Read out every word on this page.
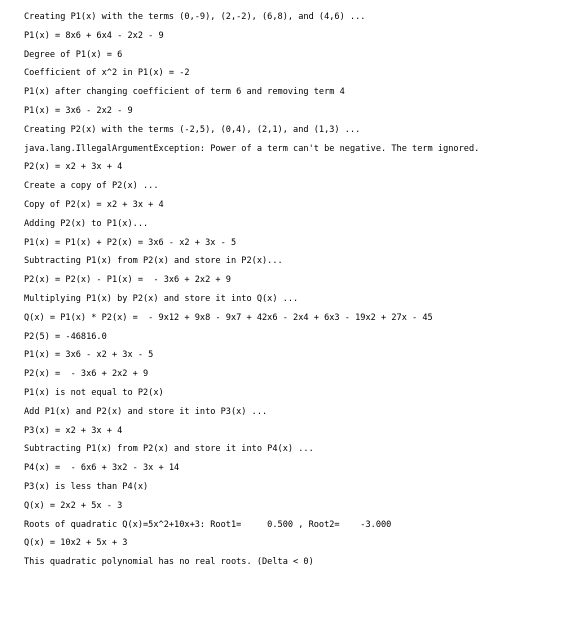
Creating P1(x) with the terms (0,-9), (2,-2), (6,8), and (4,6) ...
P1(x) = 8x6 + 6x4 - 2x2 - 9
Degree of P1(x) = 6
Coefficient of x^2 in P1(x) = -2
P1(x) after changing coefficient of term 6 and removing term 4
P1(x) = 3x6 - 2x2 - 9
Creating P2(x) with the terms (-2,5), (0,4), (2,1), and (1,3) ...
java.lang.IllegalArgumentException: Power of a term can't be negative. The term ignored.
P2(x) = x2 + 3x + 4
Create a copy of P2(x) ...
Copy of P2(x) = x2 + 3x + 4
Adding P2(x) to P1(x)...
P1(x) = P1(x) + P2(x) = 3x6 - x2 + 3x - 5
Subtracting P1(x) from P2(x) and store in P2(x)...
P2(x) = P2(x) - P1(x) =  - 3x6 + 2x2 + 9
Multiplying P1(x) by P2(x) and store it into Q(x) ...
Q(x) = P1(x) * P2(x) =  - 9x12 + 9x8 - 9x7 + 42x6 - 2x4 + 6x3 - 19x2 + 27x - 45
P2(5) = -46816.0
P1(x) = 3x6 - x2 + 3x - 5
P2(x) =  - 3x6 + 2x2 + 9
P1(x) is not equal to P2(x)
Add P1(x) and P2(x) and store it into P3(x) ...
P3(x) = x2 + 3x + 4
Subtracting P1(x) from P2(x) and store it into P4(x) ...
P4(x) =  - 6x6 + 3x2 - 3x + 14
P3(x) is less than P4(x)
Q(x) = 2x2 + 5x - 3
Roots of quadratic Q(x)=5x^2+10x+3: Root1=     0.500 , Root2=    -3.000
Q(x) = 10x2 + 5x + 3
This quadratic polynomial has no real roots. (Delta < 0)
